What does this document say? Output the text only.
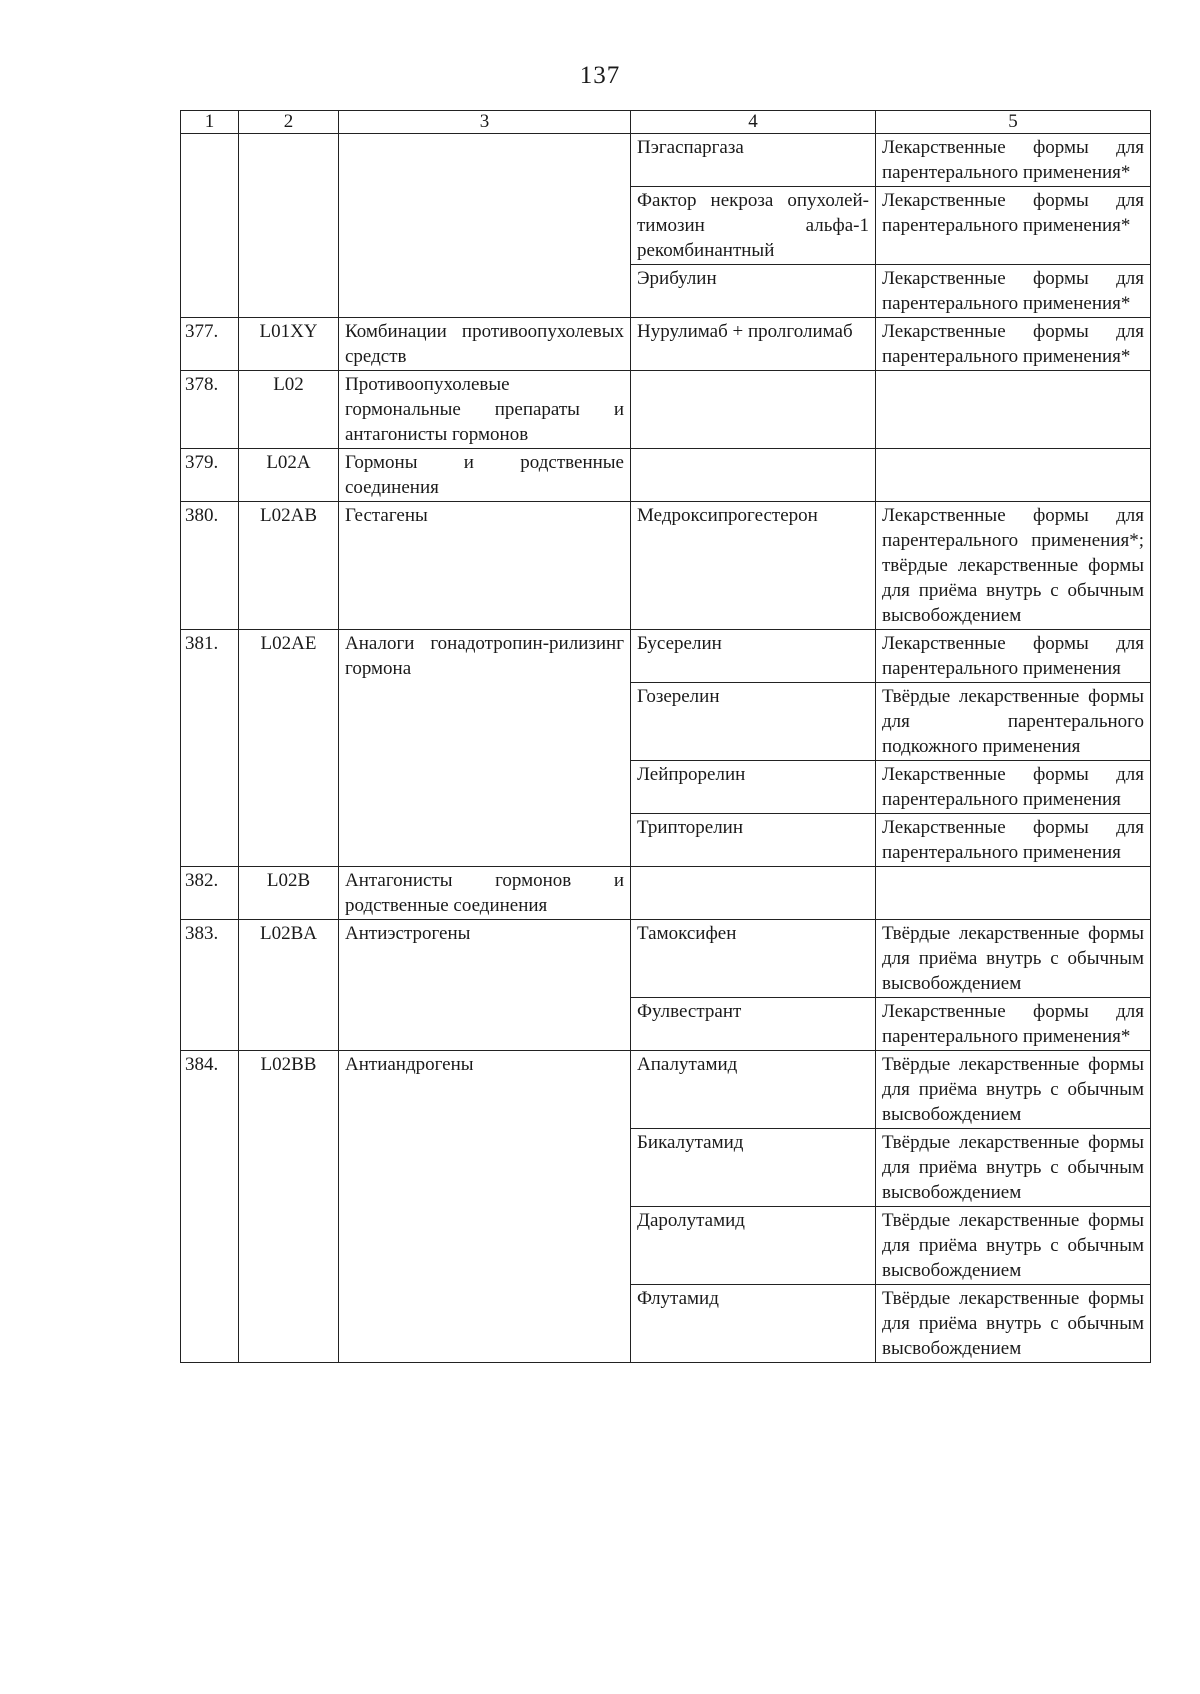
137
1	2	3	4	5
			Пэгаспаргаза	Лекарственные формы для парентерального применения*
			Фактор некроза опухолей-тимозин альфа-1 рекомбинантный	Лекарственные формы для парентерального применения*
			Эрибулин	Лекарственные формы для парентерального применения*
377.	L01XY	Комбинации противоопухолевых средств	Нурулимаб + пролголимаб	Лекарственные формы для парентерального применения*
378.	L02	Противоопухолевые гормональные препараты и антагонисты гормонов		
379.	L02A	Гормоны и родственные соединения		
380.	L02AB	Гестагены	Медроксипрогестерон	Лекарственные формы для парентерального применения*; твёрдые лекарственные формы для приёма внутрь с обычным высвобождением
381.	L02AE	Аналоги гонадотропин-рилизинг гормона	Бусерелин	Лекарственные формы для парентерального применения
			Гозерелин	Твёрдые лекарственные формы для парентерального подкожного применения
			Лейпрорелин	Лекарственные формы для парентерального применения
			Трипторелин	Лекарственные формы для парентерального применения
382.	L02B	Антагонисты гормонов и родственные соединения		
383.	L02BA	Антиэстрогены	Тамоксифен	Твёрдые лекарственные формы для приёма внутрь с обычным высвобождением
			Фулвестрант	Лекарственные формы для парентерального применения*
384.	L02BB	Антиандрогены	Апалутамид	Твёрдые лекарственные формы для приёма внутрь с обычным высвобождением
			Бикалутамид	Твёрдые лекарственные формы для приёма внутрь с обычным высвобождением
			Даролутамид	Твёрдые лекарственные формы для приёма внутрь с обычным высвобождением
			Флутамид	Твёрдые лекарственные формы для приёма внутрь с обычным высвобождением
